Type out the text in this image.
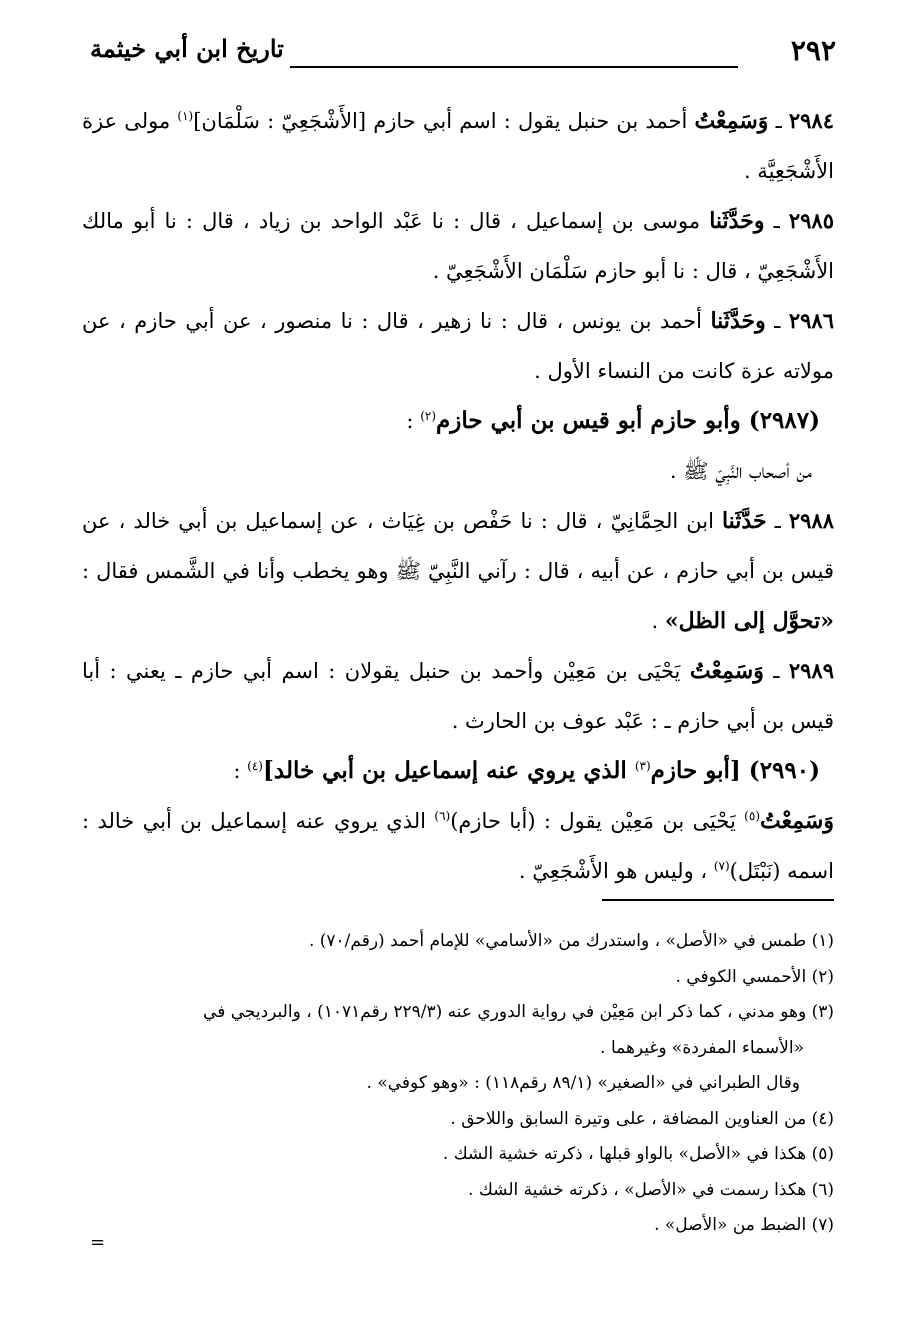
٢٩٢
تاريخ ابن أبي خيثمة

٢٩٨٤ ـ وَسَمِعْتُ أحمد بن حنبل يقول : اسم أبي حازم [الأَشْجَعِيّ : سَلْمَان]$^{(١)}$ مولى عزة الأَشْجَعِيَّة .

٢٩٨٥ ـ وحَدَّثَنا موسى بن إسماعيل ، قال : نا عَبْد الواحد بن زياد ، قال : نا أبو مالك الأَشْجَعِيّ ، قال : نا أبو حازم سَلْمَان الأَشْجَعِيّ .

٢٩٨٦ ـ وحَدَّثَنا أحمد بن يونس ، قال : نا زهير ، قال : نا منصور ، عن أبي حازم ، عن مولاته عزة كانت من النساء الأول .

(٢٩٨٧) وأبو حازم أبو قيس بن أبي حازم$^{(٢)}$ :

من أصحاب النَّبِيّ ﷺ .

٢٩٨٨ ـ حَدَّثَنا ابن الحِمَّانِيّ ، قال : نا حَفْص بن غِيَاث ، عن إسماعيل بن أبي خالد ، عن قيس بن أبي حازم ، عن أبيه ، قال : رآني النَّبِيّ ﷺ وهو يخطب وأنا في الشَّمس فقال : «تحوَّل إلى الظل» .

٢٩٨٩ ـ وَسَمِعْتُ يَحْيَى بن مَعِيْن وأحمد بن حنبل يقولان : اسم أبي حازم ـ يعني : أبا قيس بن أبي حازم ـ : عَبْد عوف بن الحارث .

(٢٩٩٠) [أبو حازم$^{(٣)}$ الذي يروي عنه إسماعيل بن أبي خالد]$^{(٤)}$ :

وَسَمِعْتُ$^{(٥)}$ يَحْيَى بن مَعِيْن يقول : (أبا حازم)$^{(٦)}$ الذي يروي عنه إسماعيل بن أبي خالد : اسمه (نَبْتَل)$^{(٧)}$ ، وليس هو الأَشْجَعِيّ .

(١) طمس في «الأصل» ، واستدرك من «الأسامي» للإمام أحمد (رقم/٧٠) .

(٢) الأحمسي الكوفي .

(٣) وهو مدني ، كما ذكر ابن مَعِيْن في رواية الدوري عنه (٢٢٩/٣ رقم١٠٧١) ، والبرديجي في

«الأسماء المفردة» وغيرهما .

وقال الطبراني في «الصغير» (٨٩/١ رقم١١٨) : «وهو كوفي» .

(٤) من العناوين المضافة ، على وتيرة السابق واللاحق .

(٥) هكذا في «الأصل» بالواو قبلها ، ذكرته خشية الشك .

(٦) هكذا رسمت في «الأصل» ، ذكرته خشية الشك .

(٧) الضبط من «الأصل» .

=
